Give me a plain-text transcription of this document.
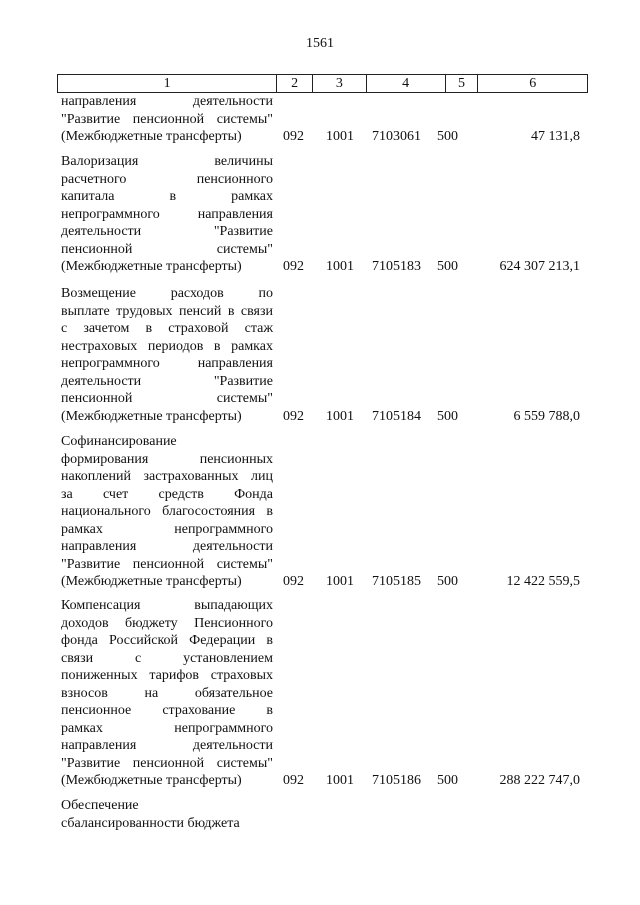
1561
1	2	3	4	5	6
направления деятельности
"Развитие пенсионной системы"
(Межбюджетные трансферты)	092 1001 7103061 500	47 131,8
Валоризация величины
расчетного пенсионного
капитала в рамках
непрограммного направления
деятельности "Развитие
пенсионной системы"
(Межбюджетные трансферты)	092 1001 7105183 500	624 307 213,1
Возмещение расходов по
выплате трудовых пенсий в связи
с зачетом в страховой стаж
нестраховых периодов в рамках
непрограммного направления
деятельности "Развитие
пенсионной системы"
(Межбюджетные трансферты)	092 1001 7105184 500	6 559 788,0
Софинансирование
формирования пенсионных
накоплений застрахованных лиц
за счет средств Фонда
национального благосостояния в
рамках непрограммного
направления деятельности
"Развитие пенсионной системы"
(Межбюджетные трансферты)	092 1001 7105185 500	12 422 559,5
Компенсация выпадающих
доходов бюджету Пенсионного
фонда Российской Федерации в
связи с установлением
пониженных тарифов страховых
взносов на обязательное
пенсионное страхование в
рамках непрограммного
направления деятельности
"Развитие пенсионной системы"
(Межбюджетные трансферты)	092 1001 7105186 500	288 222 747,0
Обеспечение
сбалансированности бюджета
